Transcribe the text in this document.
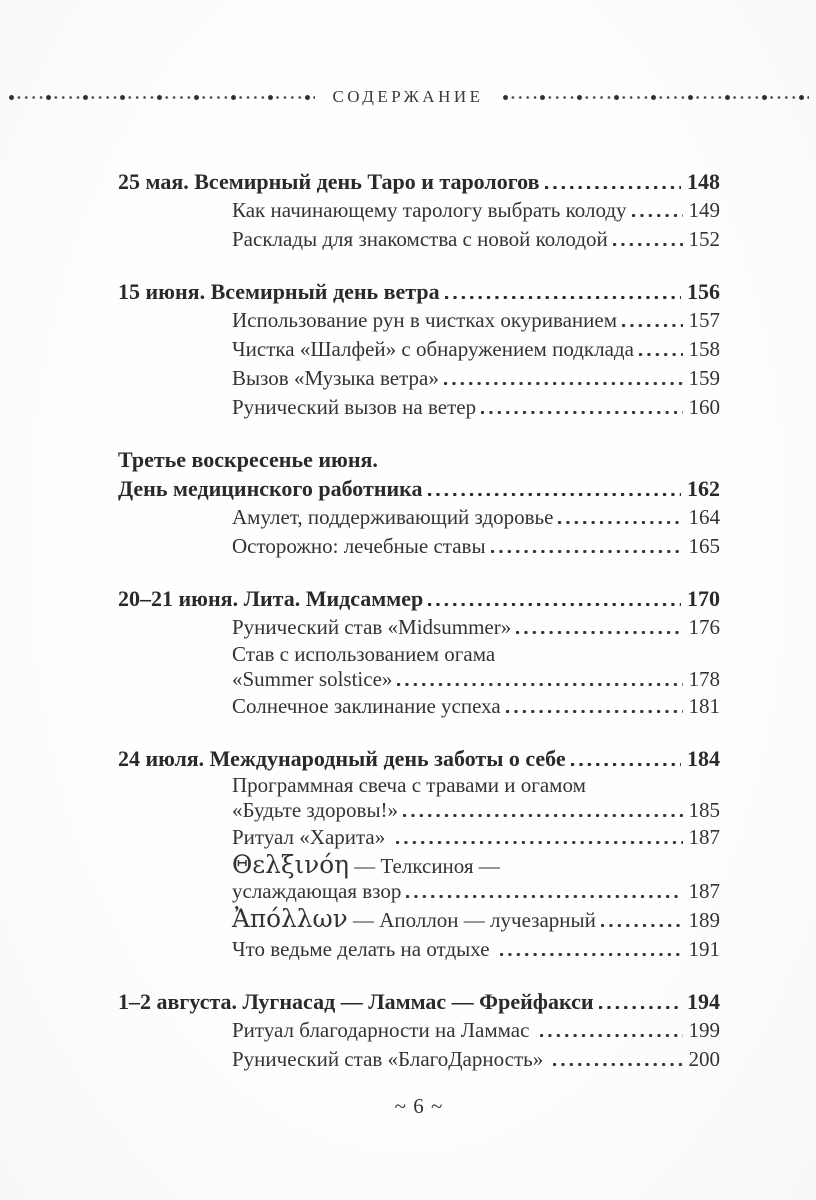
СОДЕРЖАНИЕ
25 мая. Всемирный день Таро и тарологов	148
Как начинающему тарологу выбрать колоду	149
Расклады для знакомства с новой колодой	152
15 июня. Всемирный день ветра	156
Использование рун в чистках окуриванием	157
Чистка «Шалфей» с обнаружением подклада	158
Вызов «Музыка ветра»	159
Рунический вызов на ветер	160
Третье воскресенье июня.
День медицинского работника	162
Амулет, поддерживающий здоровье	164
Осторожно: лечебные ставы	165
20–21 июня. Лита. Мидсаммер	170
Рунический став «Midsummer»	176
Став с использованием огама
«Summer solstice»	178
Солнечное заклинание успеха	181
24 июля. Международный день заботы о себе	184
Программная свеча с травами и огамом
«Будьте здоровы!»	185
Ритуал «Харита»	187
Θελξινόη — Телксиноя —
услаждающая взор	187
Ἀπόλλων — Аполлон — лучезарный	189
Что ведьме делать на отдыхе	191
1–2 августа. Лугнасад — Ламмас — Фрейфакси	194
Ритуал благодарности на Ламмас	199
Рунический став «БлагоДарность»	200
~ 6 ~
